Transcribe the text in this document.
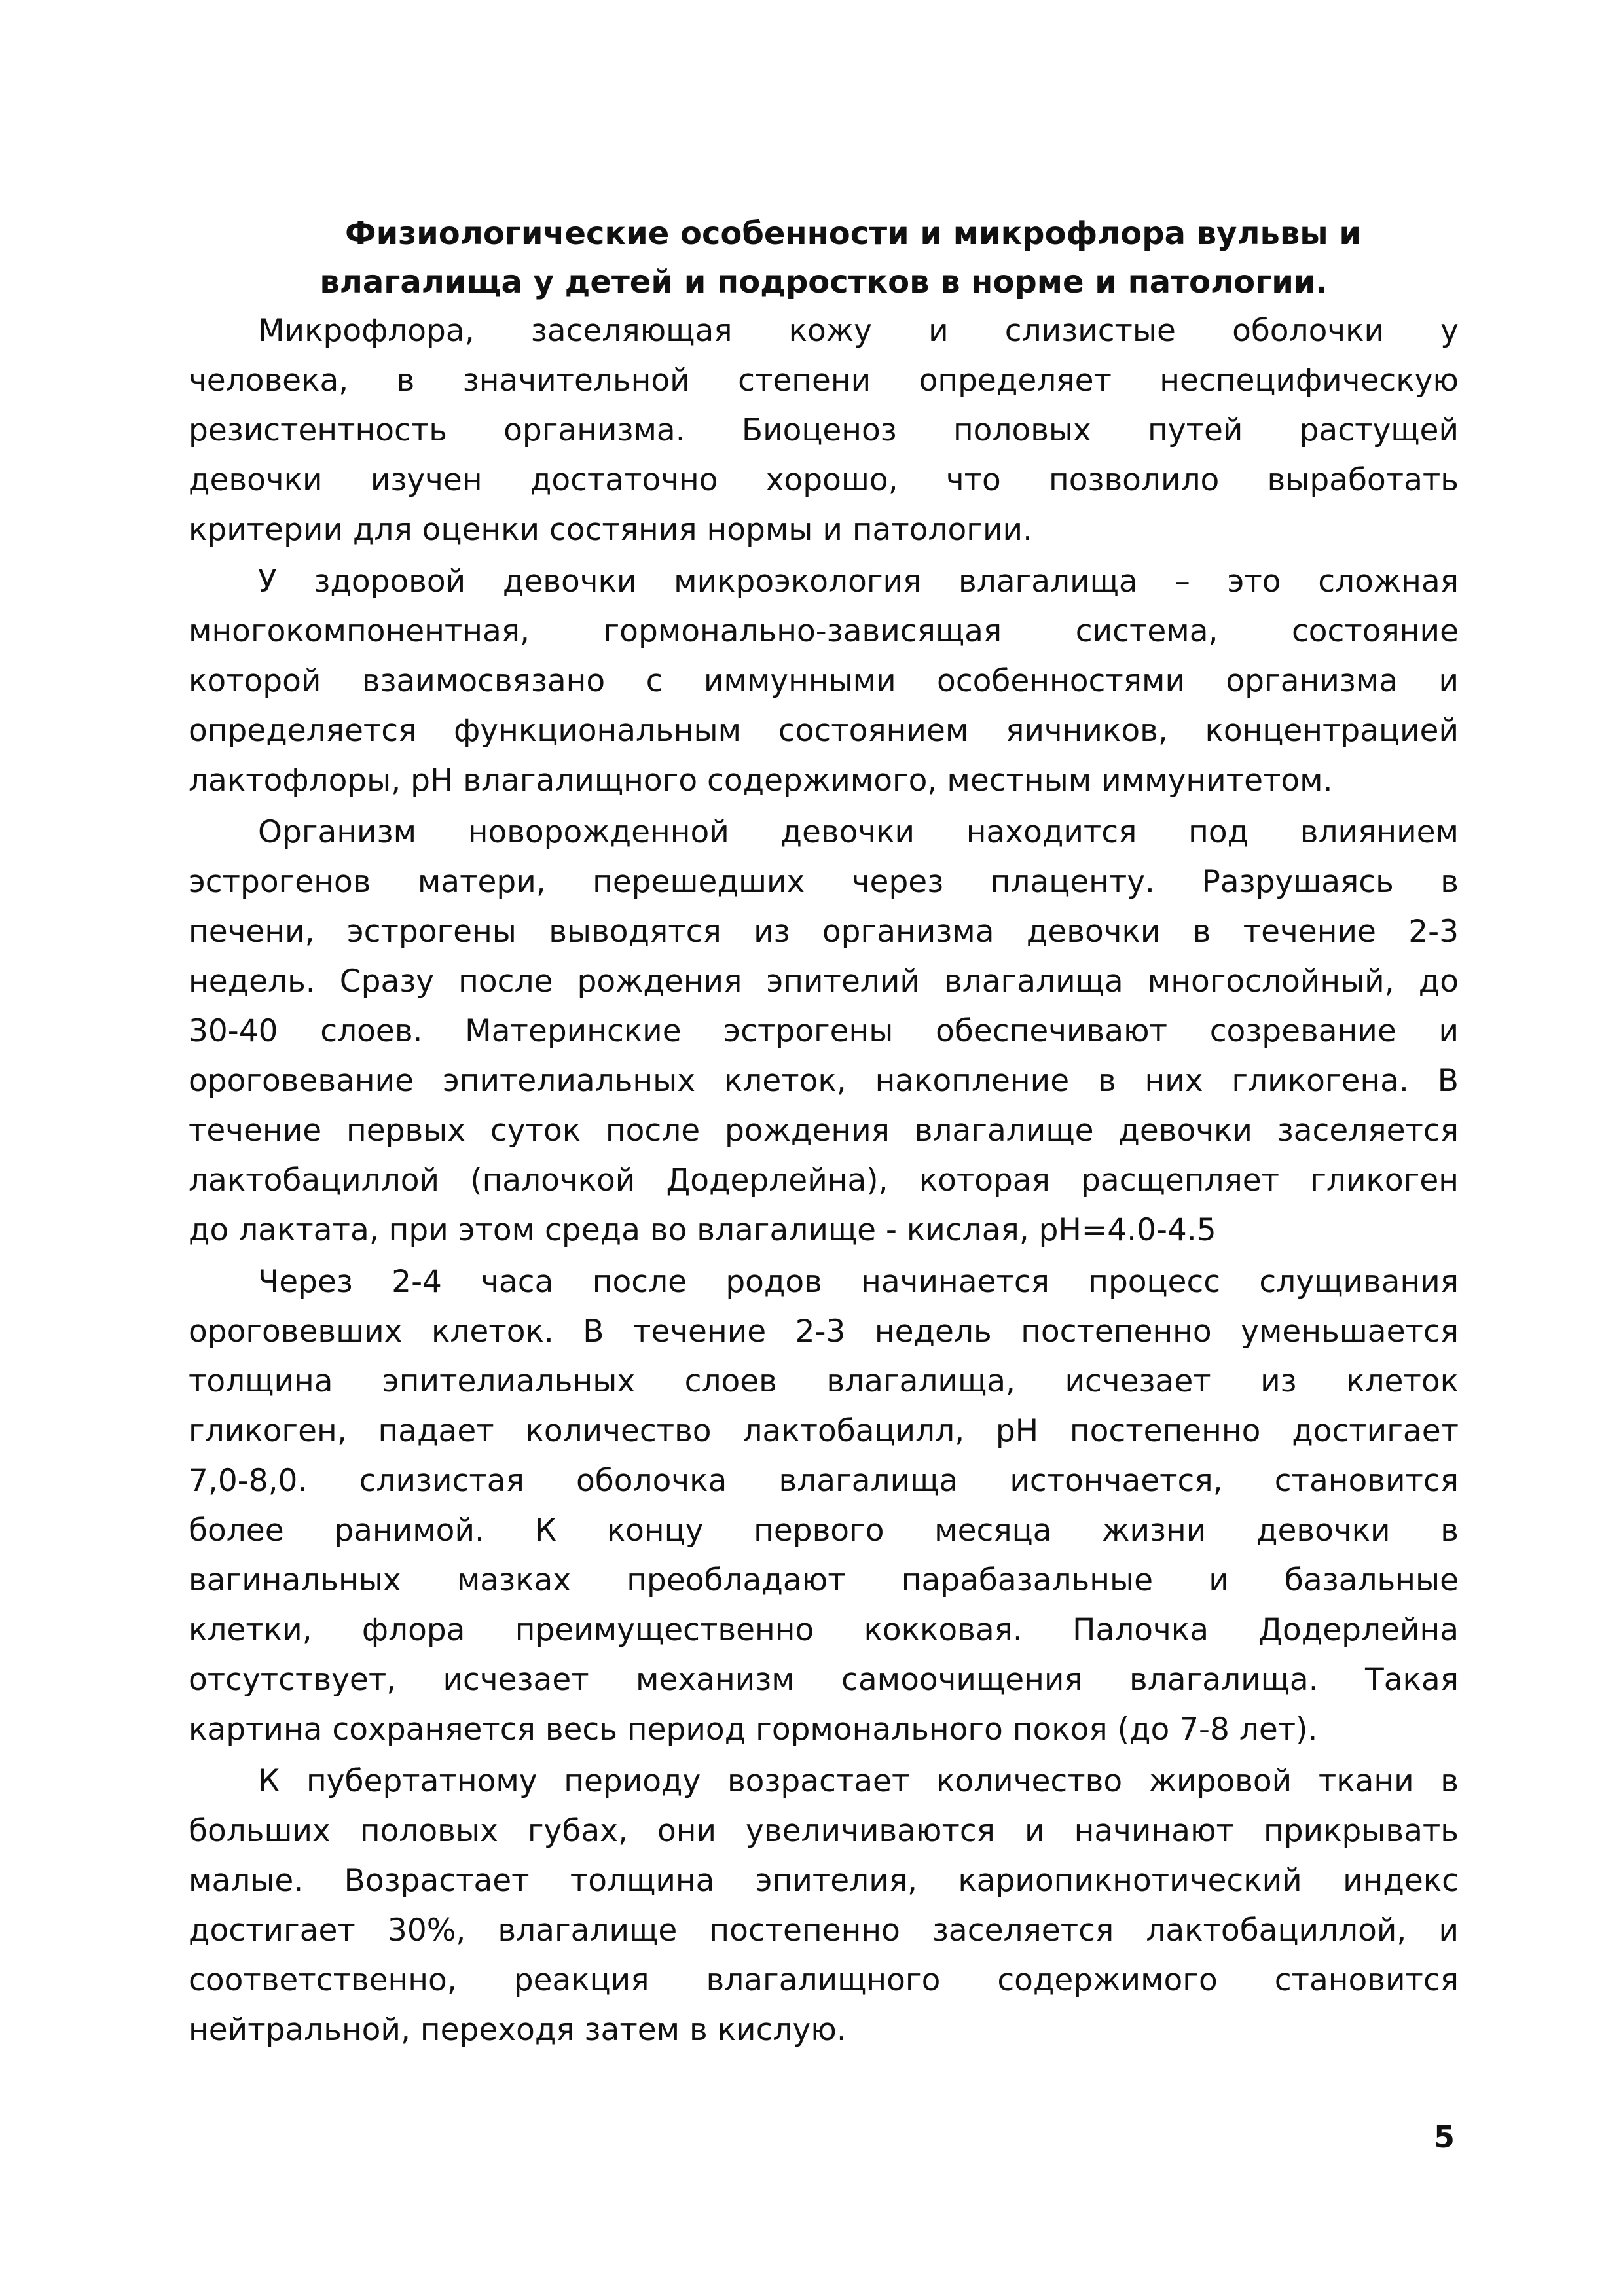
Физиологические особенности и микрофлора вульвы и
влагалища у детей и подростков в норме и патологии.
Микрофлора, заселяющая кожу и слизистые оболочки у
человека, в значительной степени определяет неспецифическую
резистентность организма. Биоценоз половых путей растущей
девочки изучен достаточно хорошо, что позволило выработать
критерии для оценки состяния нормы и патологии.
У здоровой девочки микроэкология влагалища – это сложная
многокомпонентная, гормонально-зависящая система, состояние
которой взаимосвязано с иммунными особенностями организма и
определяется функциональным состоянием яичников, концентрацией
лактофлоры, pH влагалищного содержимого, местным иммунитетом.
Организм новорожденной девочки находится под влиянием
эстрогенов матери, перешедших через плаценту. Разрушаясь в
печени, эстрогены выводятся из организма девочки в течение 2-3
недель. Сразу после рождения эпителий влагалища многослойный, до
30-40 слоев. Материнские эстрогены обеспечивают созревание и
ороговевание эпителиальных клеток, накопление в них гликогена. В
течение первых суток после рождения влагалище девочки заселяется
лактобациллой (палочкой Додерлейна), которая расщепляет гликоген
до лактата, при этом среда во влагалище - кислая, pH=4.0-4.5
Через 2-4 часа после родов начинается процесс слущивания
ороговевших клеток. В течение 2-3 недель постепенно уменьшается
толщина эпителиальных слоев влагалища, исчезает из клеток
гликоген, падает количество лактобацилл, pH постепенно достигает
7,0-8,0. слизистая оболочка влагалища истончается, становится
более ранимой. К концу первого месяца жизни девочки в
вагинальных мазках преобладают парабазальные и базальные
клетки, флора преимущественно кокковая. Палочка Додерлейна
отсутствует, исчезает механизм самоочищения влагалища. Такая
картина сохраняется весь период гормонального покоя (до 7-8 лет).
К пубертатному периоду возрастает количество жировой ткани в
больших половых губах, они увеличиваются и начинают прикрывать
малые. Возрастает толщина эпителия, кариопикнотический индекс
достигает 30%, влагалище постепенно заселяется лактобациллой, и
соответственно, реакция влагалищного содержимого становится
нейтральной, переходя затем в кислую.
5
